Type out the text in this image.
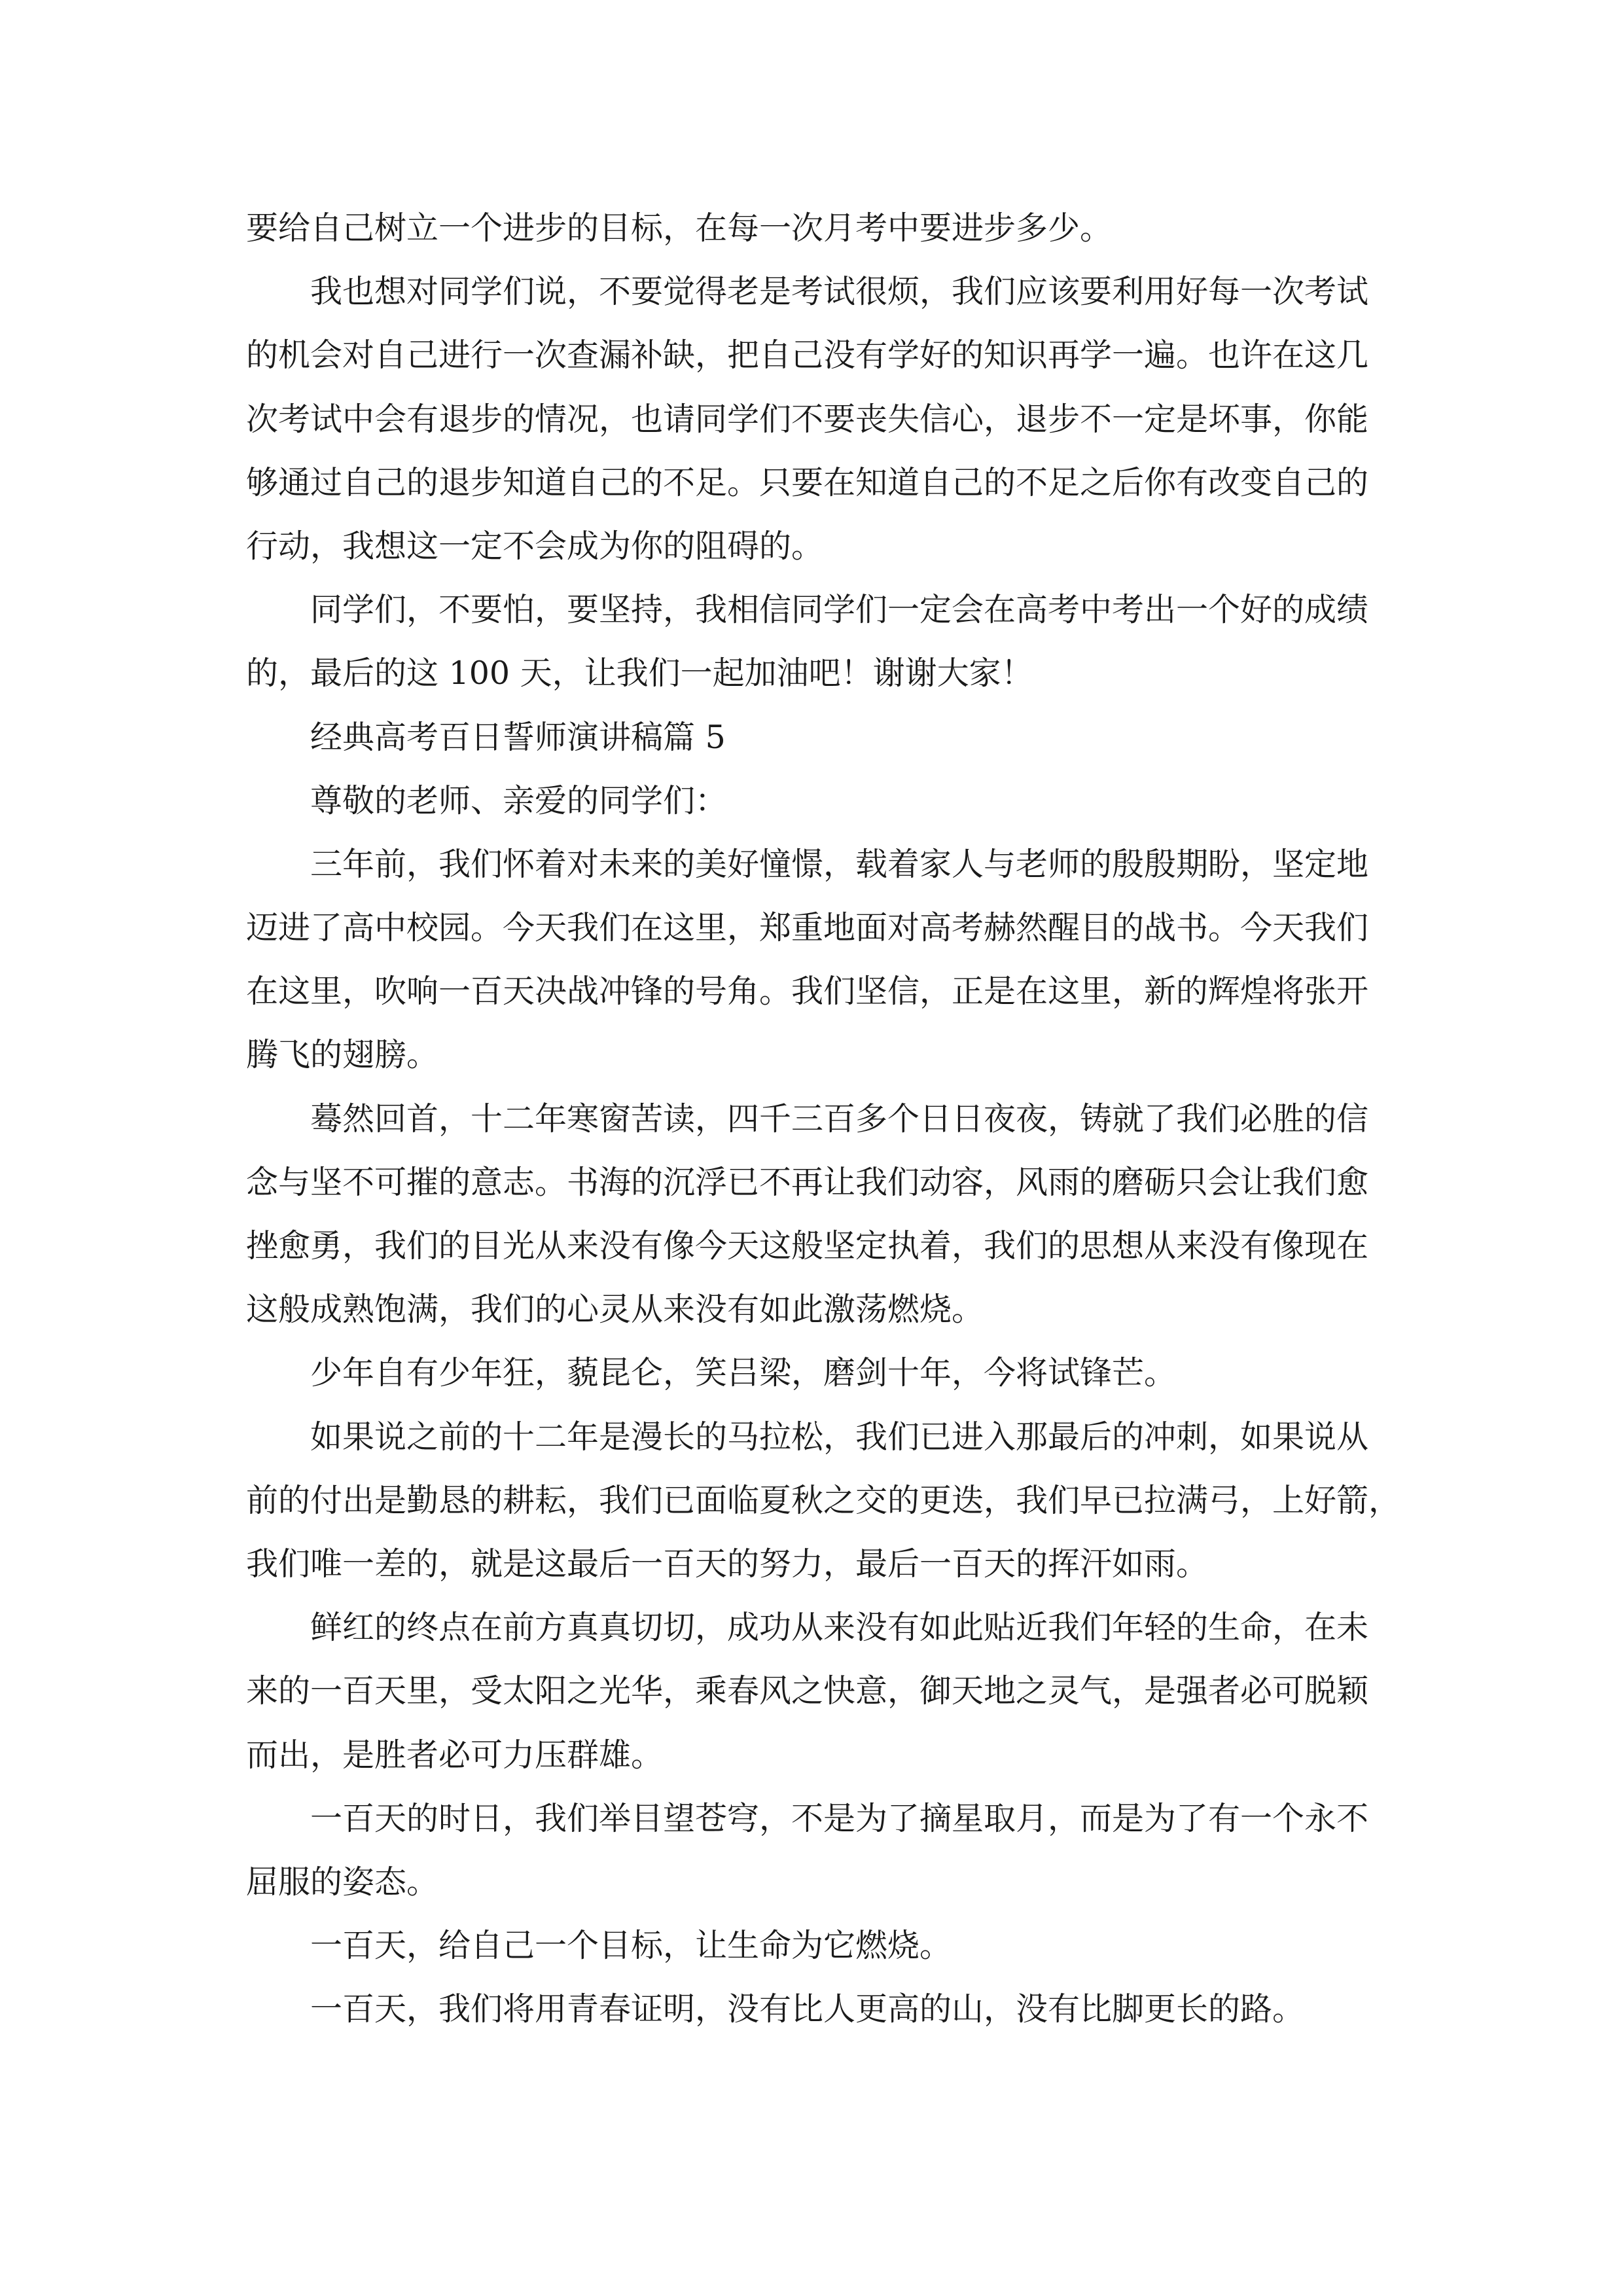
要给自己树立一个进步的目标，在每一次月考中要进步多少。
我也想对同学们说，不要觉得老是考试很烦，我们应该要利用好每一次考试
的机会对自己进行一次查漏补缺，把自己没有学好的知识再学一遍。也许在这几
次考试中会有退步的情况，也请同学们不要丧失信心，退步不一定是坏事，你能
够通过自己的退步知道自己的不足。只要在知道自己的不足之后你有改变自己的
行动，我想这一定不会成为你的阻碍的。
同学们，不要怕，要坚持，我相信同学们一定会在高考中考出一个好的成绩
的，最后的这 100 天，让我们一起加油吧！谢谢大家！
经典高考百日誓师演讲稿篇 5
尊敬的老师、亲爱的同学们：
三年前，我们怀着对未来的美好憧憬，载着家人与老师的殷殷期盼，坚定地
迈进了高中校园。今天我们在这里，郑重地面对高考赫然醒目的战书。今天我们
在这里，吹响一百天决战冲锋的号角。我们坚信，正是在这里，新的辉煌将张开
腾飞的翅膀。
蓦然回首，十二年寒窗苦读，四千三百多个日日夜夜，铸就了我们必胜的信
念与坚不可摧的意志。书海的沉浮已不再让我们动容，风雨的磨砺只会让我们愈
挫愈勇，我们的目光从来没有像今天这般坚定执着，我们的思想从来没有像现在
这般成熟饱满，我们的心灵从来没有如此激荡燃烧。
少年自有少年狂，藐昆仑，笑吕梁，磨剑十年，今将试锋芒。
如果说之前的十二年是漫长的马拉松，我们已进入那最后的冲刺，如果说从
前的付出是勤恳的耕耘，我们已面临夏秋之交的更迭，我们早已拉满弓，上好箭，
我们唯一差的，就是这最后一百天的努力，最后一百天的挥汗如雨。
鲜红的终点在前方真真切切，成功从来没有如此贴近我们年轻的生命，在未
来的一百天里，受太阳之光华，乘春风之快意，御天地之灵气，是强者必可脱颖
而出，是胜者必可力压群雄。
一百天的时日，我们举目望苍穹，不是为了摘星取月，而是为了有一个永不
屈服的姿态。
一百天，给自己一个目标，让生命为它燃烧。
一百天，我们将用青春证明，没有比人更高的山，没有比脚更长的路。
